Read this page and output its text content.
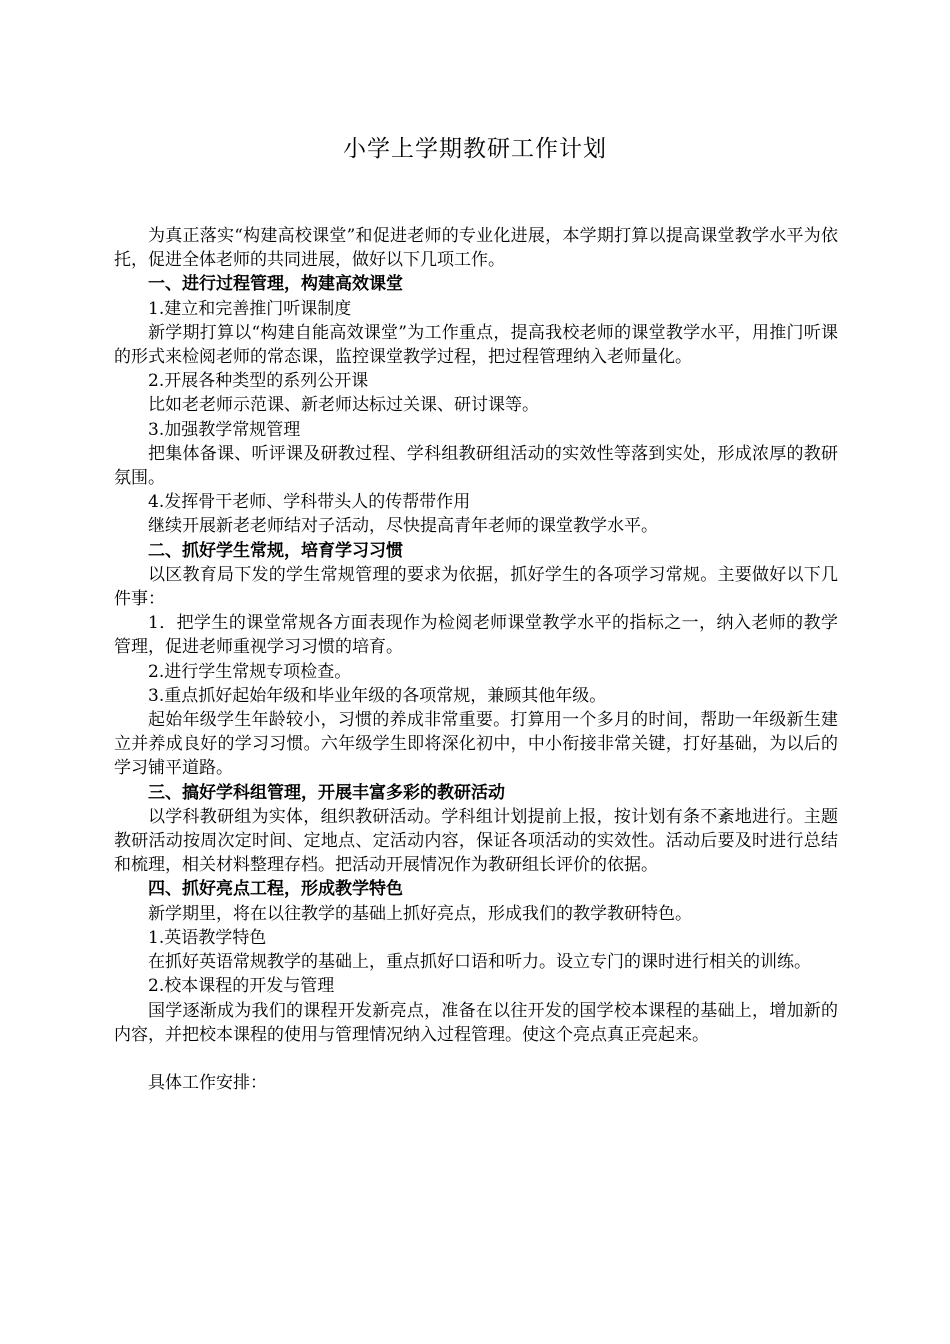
小学上学期教研工作计划

为真正落实“构建高校课堂”和促进老师的专业化进展，本学期打算以提高课堂教学水平为依托，促进全体老师的共同进展，做好以下几项工作。

一、进行过程管理，构建高效课堂

1.建立和完善推门听课制度

新学期打算以“构建自能高效课堂”为工作重点，提高我校老师的课堂教学水平，用推门听课的形式来检阅老师的常态课，监控课堂教学过程，把过程管理纳入老师量化。

2.开展各种类型的系列公开课

比如老老师示范课、新老师达标过关课、研讨课等。

3.加强教学常规管理

把集体备课、听评课及研教过程、学科组教研组活动的实效性等落到实处，形成浓厚的教研氛围。

4.发挥骨干老师、学科带头人的传帮带作用

继续开展新老老师结对子活动，尽快提高青年老师的课堂教学水平。

二、抓好学生常规，培育学习习惯

以区教育局下发的学生常规管理的要求为依据，抓好学生的各项学习常规。主要做好以下几件事：

1．把学生的课堂常规各方面表现作为检阅老师课堂教学水平的指标之一，纳入老师的教学管理，促进老师重视学习习惯的培育。

2.进行学生常规专项检查。

3.重点抓好起始年级和毕业年级的各项常规，兼顾其他年级。

起始年级学生年龄较小，习惯的养成非常重要。打算用一个多月的时间，帮助一年级新生建立并养成良好的学习习惯。六年级学生即将深化初中，中小衔接非常关键，打好基础，为以后的学习铺平道路。

三、搞好学科组管理，开展丰富多彩的教研活动

以学科教研组为实体，组织教研活动。学科组计划提前上报，按计划有条不紊地进行。主题教研活动按周次定时间、定地点、定活动内容，保证各项活动的实效性。活动后要及时进行总结和梳理，相关材料整理存档。把活动开展情况作为教研组长评价的依据。

四、抓好亮点工程，形成教学特色

新学期里，将在以往教学的基础上抓好亮点，形成我们的教学教研特色。

1.英语教学特色

在抓好英语常规教学的基础上，重点抓好口语和听力。设立专门的课时进行相关的训练。

2.校本课程的开发与管理

国学逐渐成为我们的课程开发新亮点，准备在以往开发的国学校本课程的基础上，增加新的内容，并把校本课程的使用与管理情况纳入过程管理。使这个亮点真正亮起来。

具体工作安排：
